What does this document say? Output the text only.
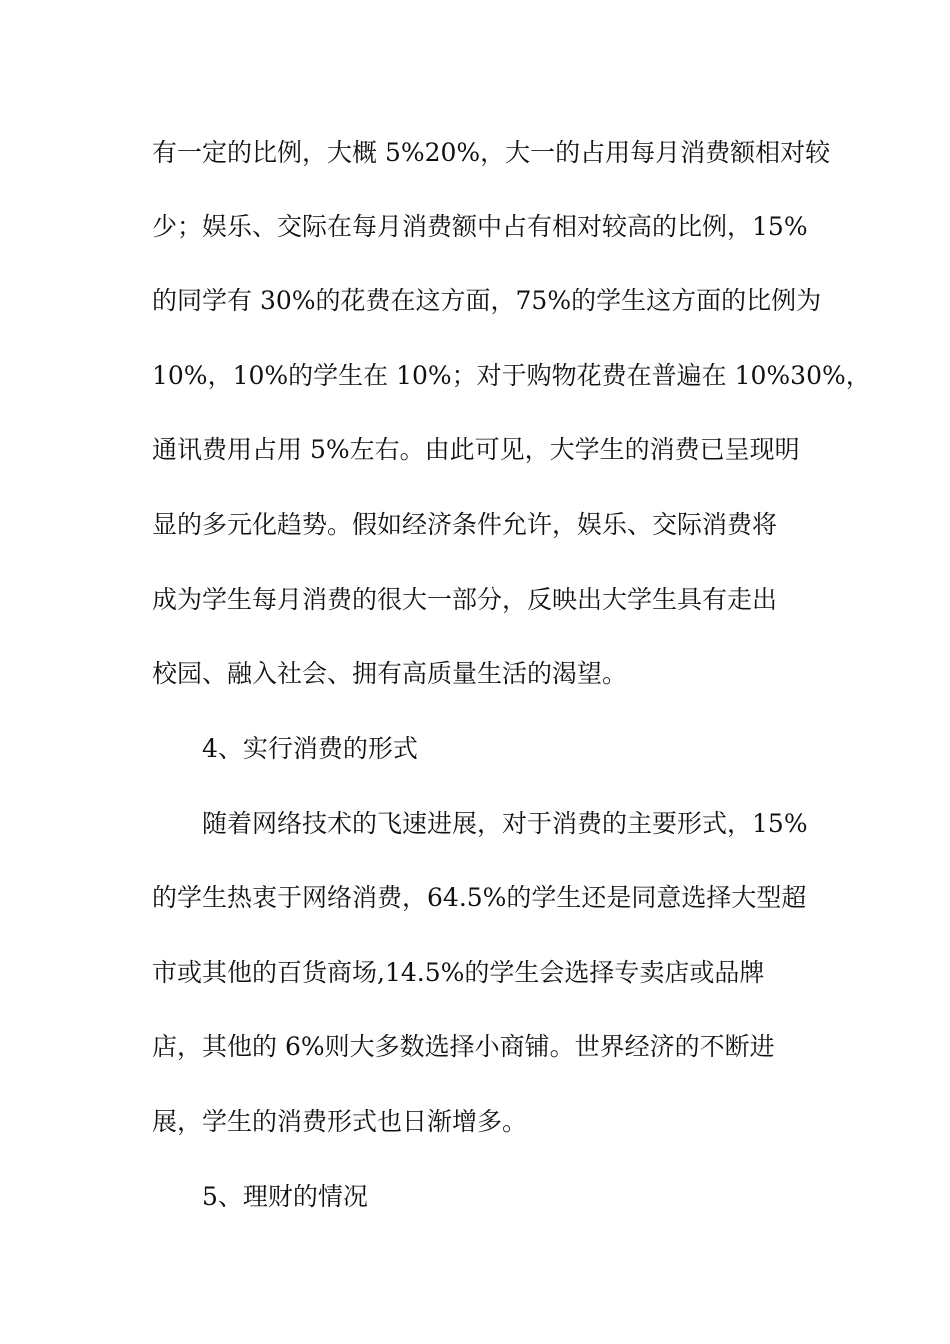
有一定的比例，大概 5%20%，大一的占用每月消费额相对较
少；娱乐、交际在每月消费额中占有相对较高的比例，15%
的同学有 30%的花费在这方面，75%的学生这方面的比例为
10%，10%的学生在 10%；对于购物花费在普遍在 10%30%，
通讯费用占用 5%左右。由此可见，大学生的消费已呈现明
显的多元化趋势。假如经济条件允许，娱乐、交际消费将
成为学生每月消费的很大一部分，反映出大学生具有走出
校园、融入社会、拥有高质量生活的渴望。
4、实行消费的形式
随着网络技术的飞速进展，对于消费的主要形式，15%
的学生热衷于网络消费，64.5%的学生还是同意选择大型超
市或其他的百货商场,14.5%的学生会选择专卖店或品牌
店，其他的 6%则大多数选择小商铺。世界经济的不断进
展，学生的消费形式也日渐增多。
5、理财的情况
